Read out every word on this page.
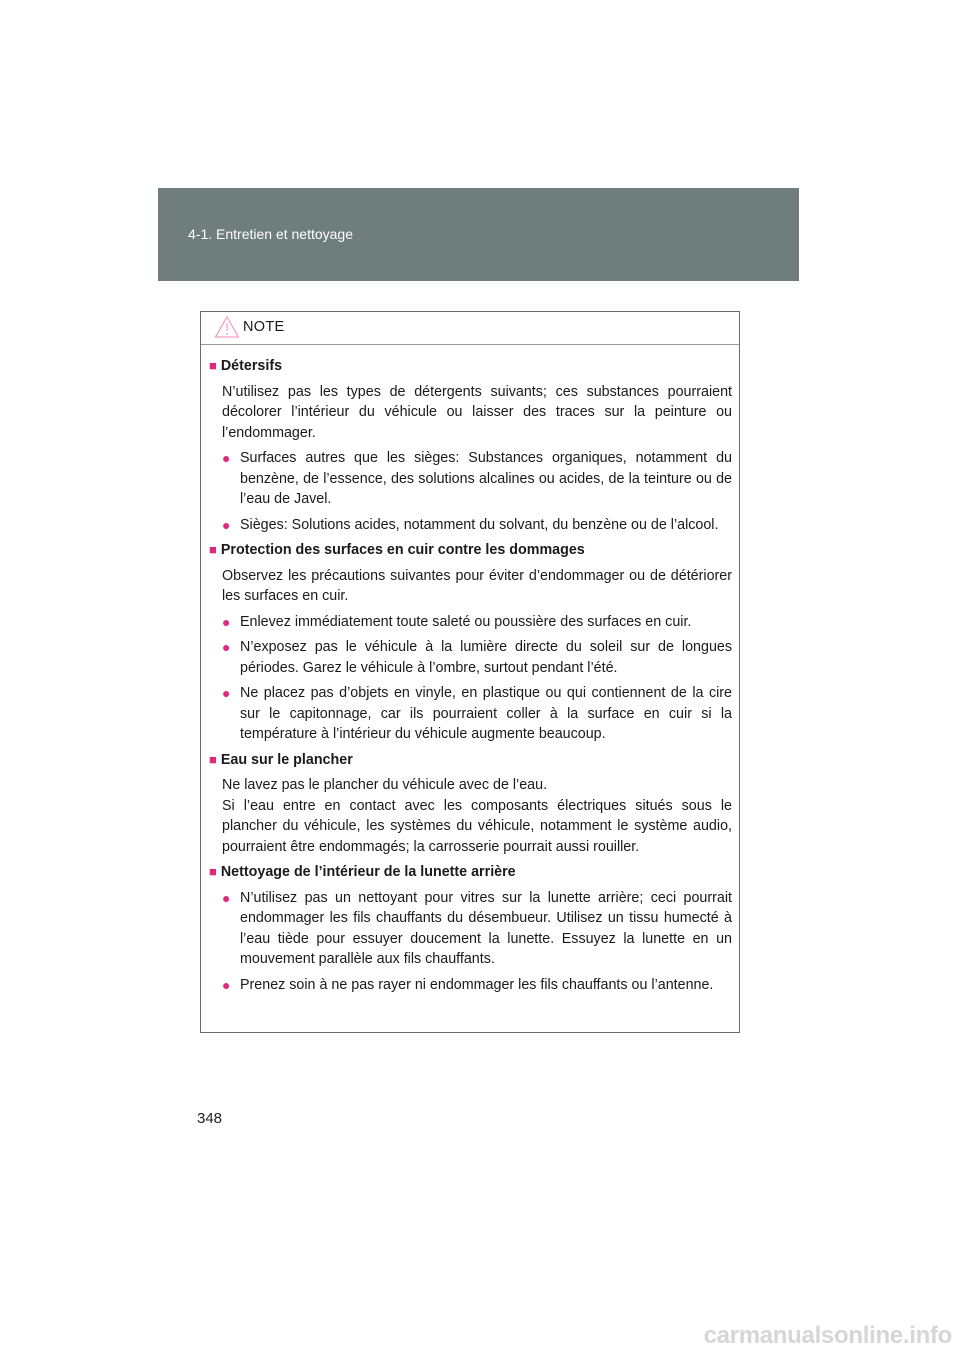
4-1. Entretien et nettoyage
NOTE
■ Détersifs
N’utilisez pas les types de détergents suivants; ces substances pourraient décolorer l’intérieur du véhicule ou laisser des traces sur la peinture ou l’endommager.
● Surfaces autres que les sièges: Substances organiques, notamment du benzène, de l’essence, des solutions alcalines ou acides, de la teinture ou de l’eau de Javel.
● Sièges: Solutions acides, notamment du solvant, du benzène ou de l’alcool.
■ Protection des surfaces en cuir contre les dommages
Observez les précautions suivantes pour éviter d’endommager ou de détériorer les surfaces en cuir.
● Enlevez immédiatement toute saleté ou poussière des surfaces en cuir.
● N’exposez pas le véhicule à la lumière directe du soleil sur de longues périodes. Garez le véhicule à l’ombre, surtout pendant l’été.
● Ne placez pas d’objets en vinyle, en plastique ou qui contiennent de la cire sur le capitonnage, car ils pourraient coller à la surface en cuir si la température à l’intérieur du véhicule augmente beaucoup.
■ Eau sur le plancher
Ne lavez pas le plancher du véhicule avec de l’eau.
Si l’eau entre en contact avec les composants électriques situés sous le plancher du véhicule, les systèmes du véhicule, notamment le système audio, pourraient être endommagés; la carrosserie pourrait aussi rouiller.
■ Nettoyage de l’intérieur de la lunette arrière
● N’utilisez pas un nettoyant pour vitres sur la lunette arrière; ceci pourrait endommager les fils chauffants du désembueur. Utilisez un tissu humecté à l’eau tiède pour essuyer doucement la lunette. Essuyez la lunette en un mouvement parallèle aux fils chauffants.
● Prenez soin à ne pas rayer ni endommager les fils chauffants ou l’antenne.
348
carmanualsonline.info
